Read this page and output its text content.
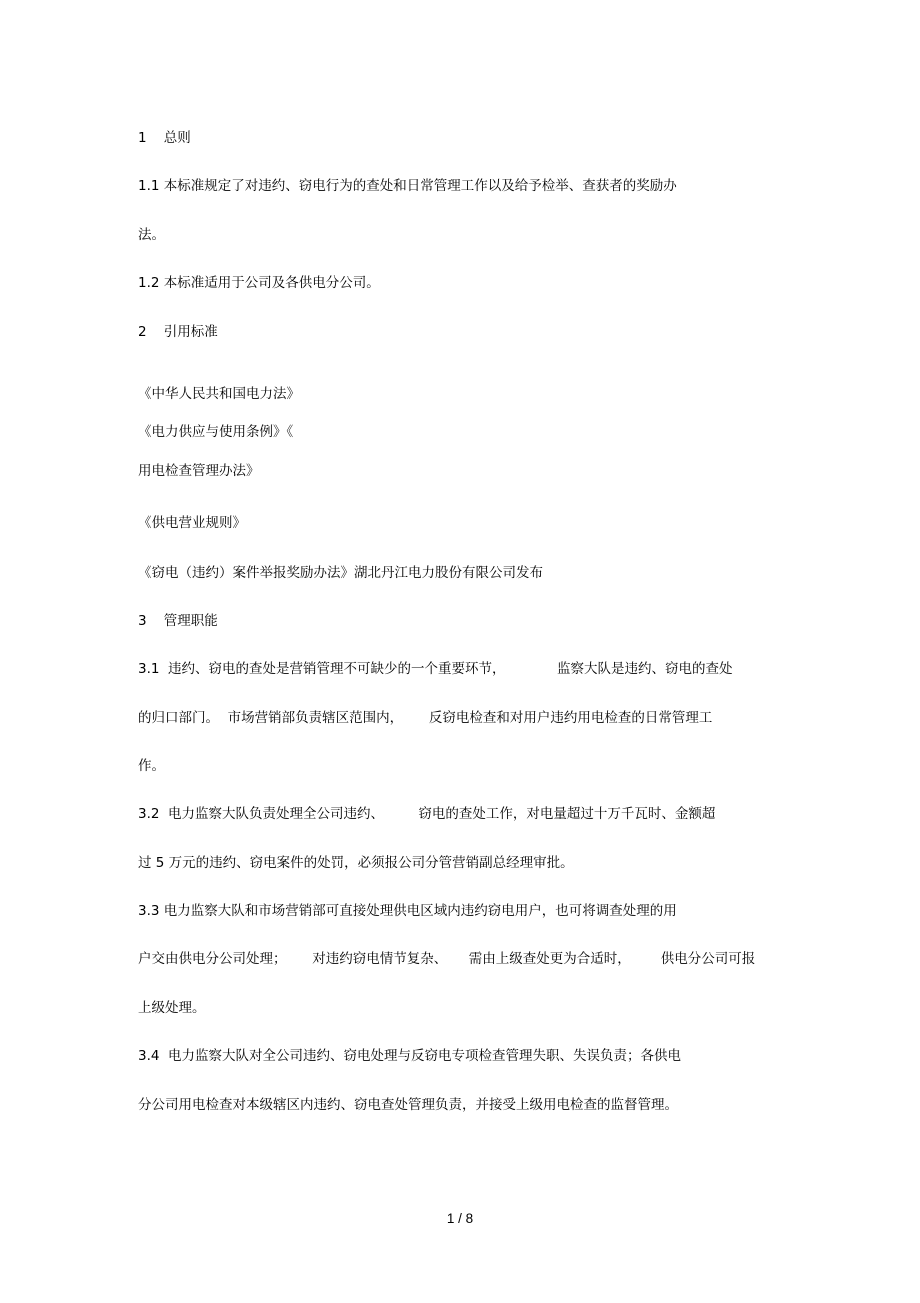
1    总则
1.1 本标准规定了对违约、窃电行为的查处和日常管理工作以及给予检举、查获者的奖励办
法。
1.2 本标准适用于公司及各供电分公司。
2    引用标准
《中华人民共和国电力法》
《电力供应与使用条例》《
用电检查管理办法》
《供电营业规则》
《窃电（违约）案件举报奖励办法》湖北丹江电力股份有限公司发布
3    管理职能
3.1  违约、窃电的查处是营销管理不可缺少的一个重要环节，            监察大队是违约、窃电的查处
的归口部门。  市场营销部负责辖区范围内，      反窃电检查和对用户违约用电检查的日常管理工
作。
3.2  电力监察大队负责处理全公司违约、        窃电的查处工作，对电量超过十万千瓦时、金额超
过 5 万元的违约、窃电案件的处罚，必须报公司分管营销副总经理审批。
3.3 电力监察大队和市场营销部可直接处理供电区域内违约窃电用户，也可将调查处理的用
户交由供电分公司处理；      对违约窃电情节复杂、     需由上级查处更为合适时，       供电分公司可报
上级处理。
3.4  电力监察大队对全公司违约、窃电处理与反窃电专项检查管理失职、失误负责；各供电
分公司用电检查对本级辖区内违约、窃电查处管理负责，并接受上级用电检查的监督管理。
1 / 8
